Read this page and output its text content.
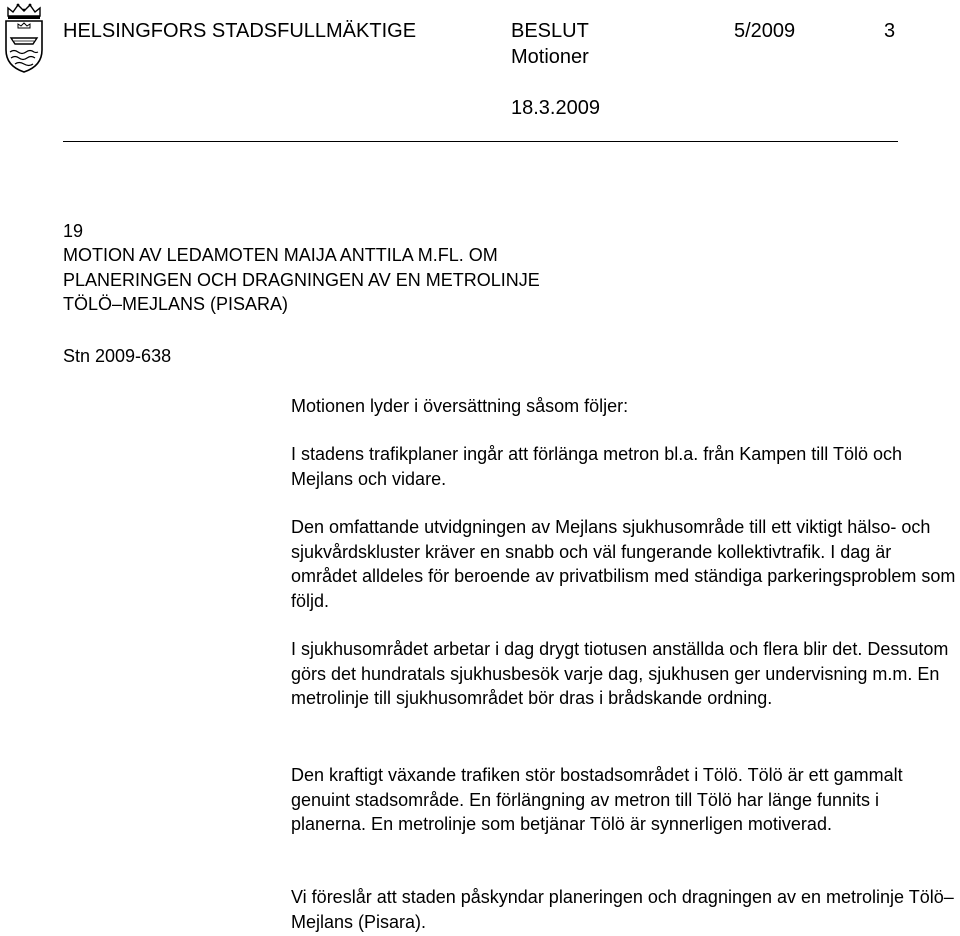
HELSINGFORS STADSFULLMÄKTIGE	BESLUT	5/2009	3
Motioner
18.3.2009
19
MOTION AV LEDAMOTEN MAIJA ANTTILA M.FL. OM
PLANERINGEN OCH DRAGNINGEN AV EN METROLINJE
TÖLÖ–MEJLANS (PISARA)
Stn 2009-638
Motionen lyder i översättning såsom följer:

I stadens trafikplaner ingår att förlänga metron bl.a. från Kampen till Tölö och Mejlans och vidare.

Den omfattande utvidgningen av Mejlans sjukhusområde till ett viktigt hälso- och sjukvårdskluster kräver en snabb och väl fungerande kollektivtrafik. I dag är området alldeles för beroende av privatbilism med ständiga parkeringsproblem som följd.

I sjukhusområdet arbetar i dag drygt tiotusen anställda och flera blir det. Dessutom görs det hundratals sjukhusbesök varje dag, sjukhusen ger undervisning m.m. En metrolinje till sjukhusområdet bör dras i brådskande ordning.

Den kraftigt växande trafiken stör bostadsområdet i Tölö. Tölö är ett gammalt genuint stadsområde. En förlängning av metron till Tölö har länge funnits i planerna. En metrolinje som betjänar Tölö är synnerligen motiverad.

Vi föreslår att staden påskyndar planeringen och dragningen av en metrolinje Tölö–Mejlans (Pisara).
